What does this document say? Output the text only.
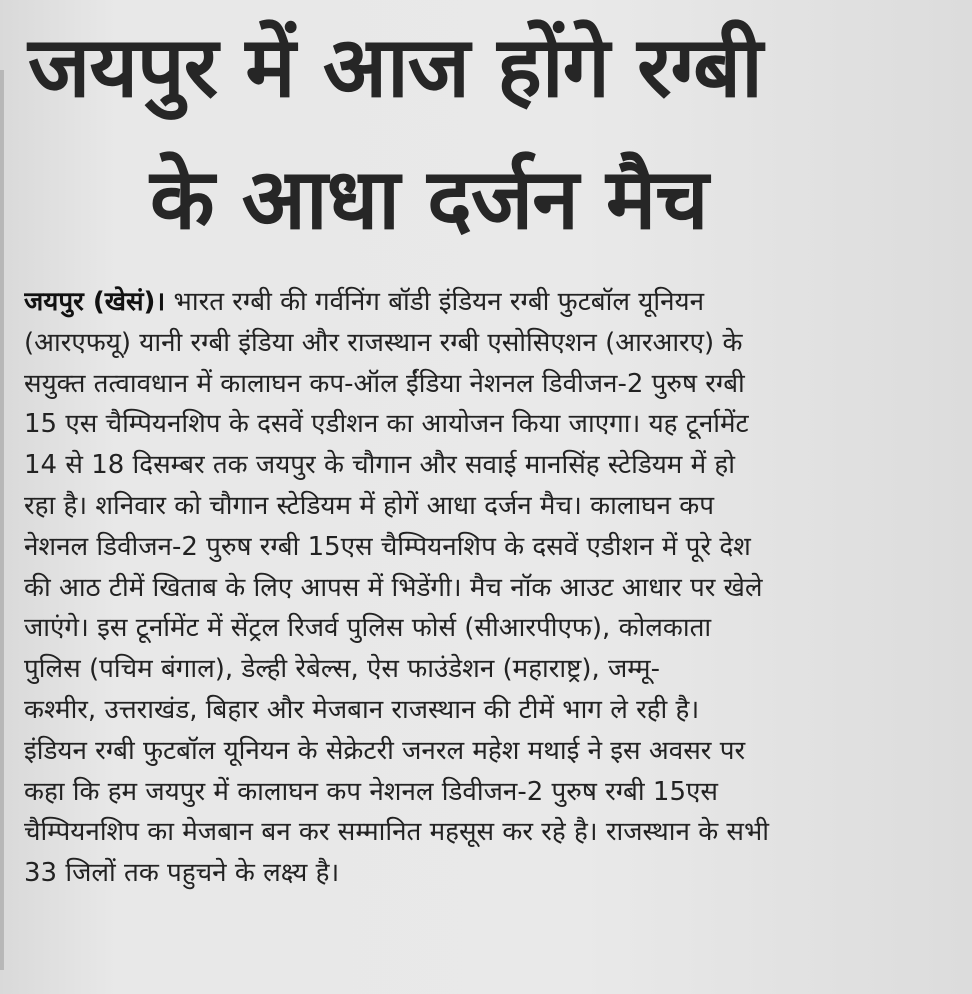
जयपुर में आज होंगे रग्बी
के आधा दर्जन मैच
जयपुर (खेसं)। भारत रग्बी की गर्वनिंग बॉडी इंडियन रग्बी फुटबॉल यूनियन
(आरएफयू) यानी रग्बी इंडिया और राजस्थान रग्बी एसोसिएशन (आरआरए) के
सयुक्त तत्वावधान में कालाघन कप-ऑल ईंडिया नेशनल डिवीजन-2 पुरुष रग्बी
15 एस चैम्पियनशिप के दसवें एडीशन का आयोजन किया जाएगा। यह टूर्नामेंट
14 से 18 दिसम्बर तक जयपुर के चौगान और सवाई मानसिंह स्टेडियम में हो
रहा है। शनिवार को चौगान स्टेडियम में होगें आधा दर्जन मैच। कालाघन कप
नेशनल डिवीजन-2 पुरुष रग्बी 15एस चैम्पियनशिप के दसवें एडीशन में पूरे देश
की आठ टीमें खिताब के लिए आपस में भिडेंगी। मैच नॉक आउट आधार पर खेले
जाएंगे। इस टूर्नामेंट में सेंट्रल रिजर्व पुलिस फोर्स (सीआरपीएफ), कोलकाता
पुलिस (पचिम बंगाल), डेल्ही रेबेल्स, ऐस फाउंडेशन (महाराष्ट्र), जम्मू-
कश्मीर, उत्तराखंड, बिहार और मेजबान राजस्थान की टीमें भाग ले रही है।
इंडियन रग्बी फुटबॉल यूनियन के सेक्रेटरी जनरल महेश मथाई ने इस अवसर पर
कहा कि हम जयपुर में कालाघन कप नेशनल डिवीजन-2 पुरुष रग्बी 15एस
चैम्पियनशिप का मेजबान बन कर सम्मानित महसूस कर रहे है। राजस्थान के सभी
33 जिलों तक पहुचने के लक्ष्य है।
